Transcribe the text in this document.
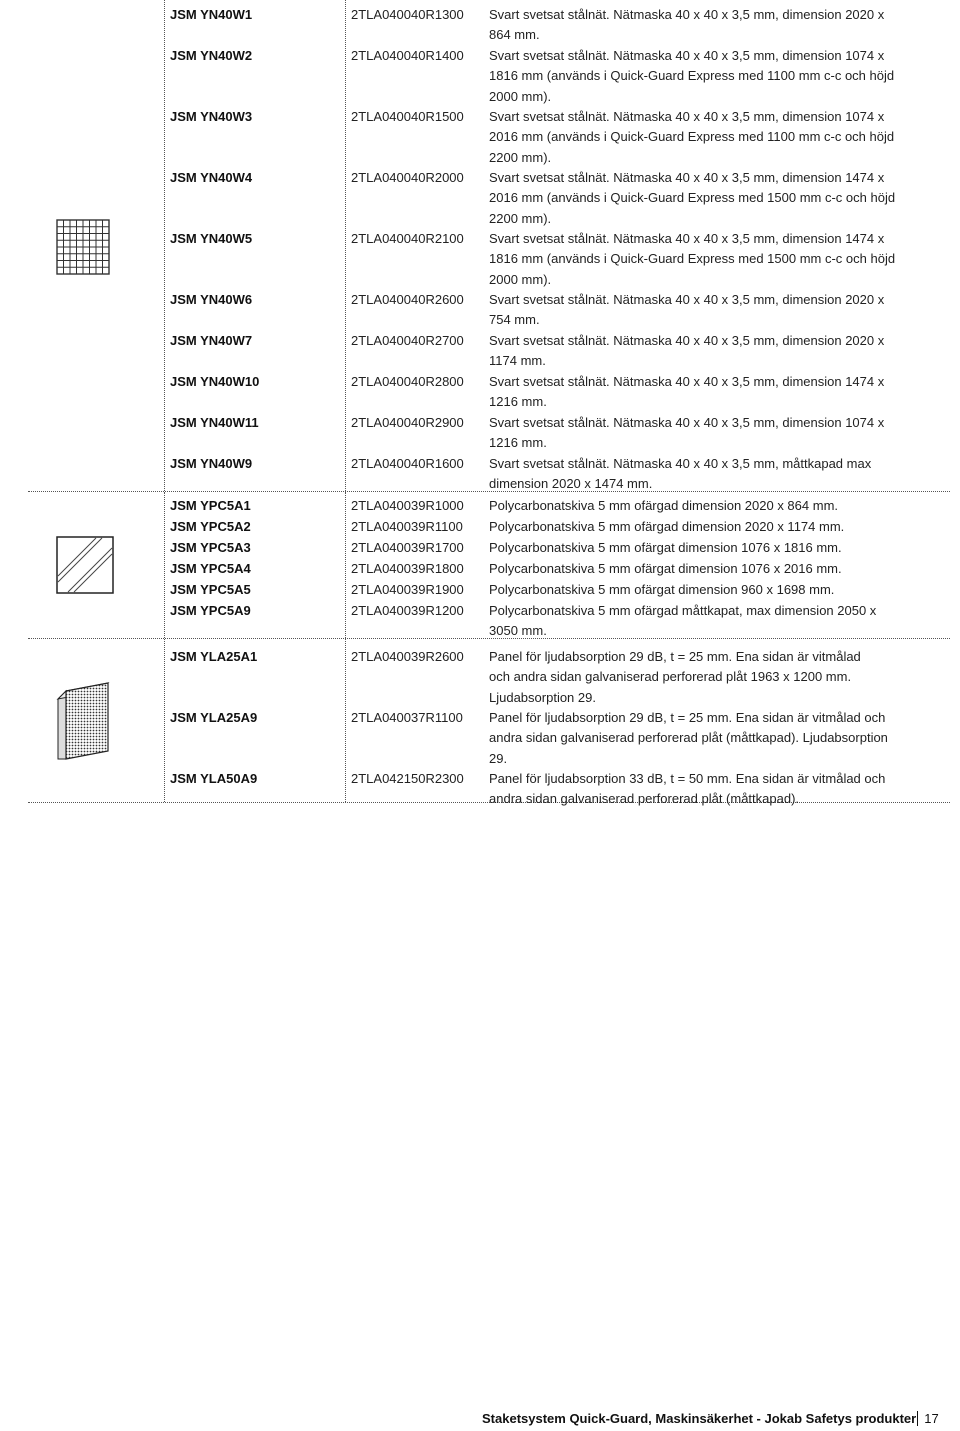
JSM YN40W1	2TLA040040R1300 Svart svetsat stålnät. Nätmaska 40 x 40 x 3,5 mm, dimension 2020 x
864 mm.
JSM YN40W2	2TLA040040R1400 Svart svetsat stålnät. Nätmaska 40 x 40 x 3,5 mm, dimension 1074 x
1816 mm (används i Quick-Guard Express med 1100 mm c-c och höjd
2000 mm).
JSM YN40W3	2TLA040040R1500 Svart svetsat stålnät. Nätmaska 40 x 40 x 3,5 mm, dimension 1074 x
2016 mm (används i Quick-Guard Express med 1100 mm c-c och höjd
2200 mm).
JSM YN40W4	2TLA040040R2000 Svart svetsat stålnät. Nätmaska 40 x 40 x 3,5 mm, dimension 1474 x
2016 mm (används i Quick-Guard Express med 1500 mm c-c och höjd
2200 mm).
JSM YN40W5	2TLA040040R2100 Svart svetsat stålnät. Nätmaska 40 x 40 x 3,5 mm, dimension 1474 x
1816 mm (används i Quick-Guard Express med 1500 mm c-c och höjd
2000 mm).
JSM YN40W6	2TLA040040R2600 Svart svetsat stålnät. Nätmaska 40 x 40 x 3,5 mm, dimension 2020 x
754 mm.
JSM YN40W7	2TLA040040R2700 Svart svetsat stålnät. Nätmaska 40 x 40 x 3,5 mm, dimension 2020 x
1174 mm.
JSM YN40W10	2TLA040040R2800 Svart svetsat stålnät. Nätmaska 40 x 40 x 3,5 mm, dimension 1474 x
1216 mm.
JSM YN40W11	2TLA040040R2900 Svart svetsat stålnät. Nätmaska 40 x 40 x 3,5 mm, dimension 1074 x
1216 mm.
JSM YN40W9	2TLA040040R1600 Svart svetsat stålnät. Nätmaska 40 x 40 x 3,5 mm, måttkapad max
dimension 2020 x 1474 mm.
JSM YPC5A1	2TLA040039R1000 Polycarbonatskiva 5 mm ofärgad dimension 2020 x 864 mm.
JSM YPC5A2	2TLA040039R1100 Polycarbonatskiva 5 mm ofärgad dimension 2020 x 1174 mm.
JSM YPC5A3	2TLA040039R1700 Polycarbonatskiva 5 mm ofärgat dimension 1076 x 1816 mm.
JSM YPC5A4	2TLA040039R1800 Polycarbonatskiva 5 mm ofärgat dimension 1076 x 2016 mm.
JSM YPC5A5	2TLA040039R1900 Polycarbonatskiva 5 mm ofärgat dimension 960 x 1698 mm.
JSM YPC5A9	2TLA040039R1200 Polycarbonatskiva 5 mm ofärgad måttkapat, max dimension 2050 x
3050 mm.
JSM YLA25A1	2TLA040039R2600 Panel för ljudabsorption 29 dB, t = 25 mm. Ena sidan är vitmålad
och andra sidan galvaniserad perforerad plåt 1963 x 1200 mm.
Ljudabsorption 29.
JSM YLA25A9	2TLA040037R1100 Panel för ljudabsorption 29 dB, t = 25 mm. Ena sidan är vitmålad och
andra sidan galvaniserad perforerad plåt (måttkapad). Ljudabsorption
29.
JSM YLA50A9	2TLA042150R2300 Panel för ljudabsorption 33 dB, t = 50 mm. Ena sidan är vitmålad och
andra sidan galvaniserad perforerad plåt (måttkapad).
Staketsystem Quick-Guard, Maskinsäkerhet - Jokab Safetys produkter 17
